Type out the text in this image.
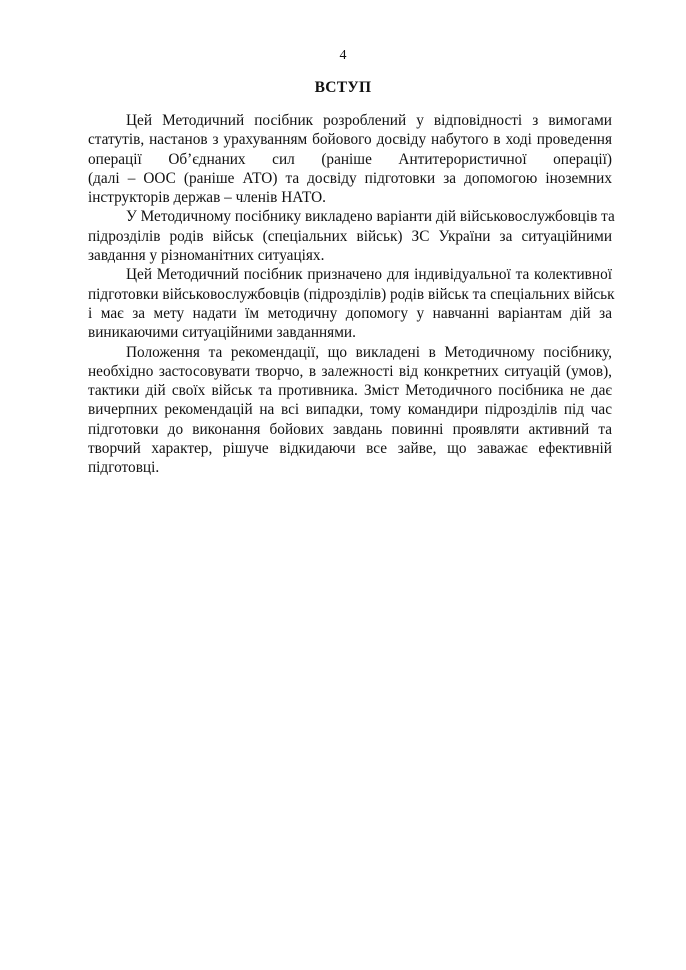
4
ВСТУП

Цей Методичний посібник розроблений у відповідності з вимогами
статутів, настанов з урахуванням бойового досвіду набутого в ході проведення
операції Об’єднаних сил (раніше Антитерористичної операції)
(далі – ООС (раніше АТО) та досвіду підготовки за допомогою іноземних
інструкторів держав – членів НАТО.

У Методичному посібнику викладено варіанти дій військовослужбовців та
підрозділів родів військ (спеціальних військ) ЗС України за ситуаційними
завдання у різноманітних ситуаціях.

Цей Методичний посібник призначено для індивідуальної та колективної
підготовки військовослужбовців (підрозділів) родів військ та спеціальних військ
і має за мету надати їм методичну допомогу у навчанні варіантам дій за
виникаючими ситуаційними завданнями.

Положення та рекомендації, що викладені в Методичному посібнику,
необхідно застосовувати творчо, в залежності від конкретних ситуацій (умов),
тактики дій своїх військ та противника. Зміст Методичного посібника не дає
вичерпних рекомендацій на всі випадки, тому командири підрозділів під час
підготовки до виконання бойових завдань повинні проявляти активний та
творчий характер, рішуче відкидаючи все зайве, що заважає ефективній
підготовці.
